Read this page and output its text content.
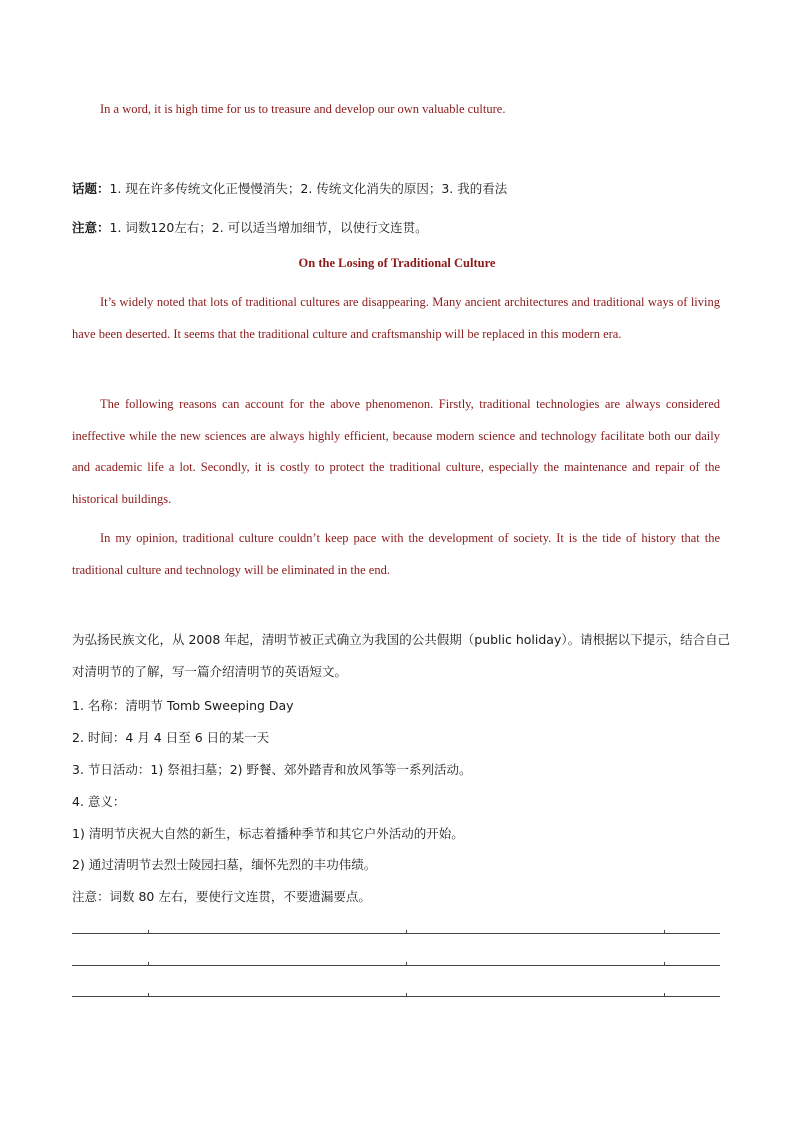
In a word, it is high time for us to treasure and develop our own valuable culture.
话题：1. 现在许多传统文化正慢慢消失；2. 传统文化消失的原因；3. 我的看法
注意：1. 词数120左右；2. 可以适当增加细节，以使行文连贯。
On the Losing of Traditional Culture

It’s widely noted that lots of traditional cultures are disappearing. Many ancient architectures and traditional ways of living have been deserted. It seems that the traditional culture and craftsmanship will be replaced in this modern era.

The following reasons can account for the above phenomenon. Firstly, traditional technologies are always considered ineffective while the new sciences are always highly efficient, because modern science and technology facilitate both our daily and academic life a lot. Secondly, it is costly to protect the traditional culture, especially the maintenance and repair of the historical buildings.

In my opinion, traditional culture couldn’t keep pace with the development of society. It is the tide of history that the traditional culture and technology will be eliminated in the end.

为弘扬民族文化，从 2008 年起，清明节被正式确立为我国的公共假期（public holiday）。请根据以下提示，结合自己对清明节的了解，写一篇介绍清明节的英语短文。

1. 名称：清明节 Tomb Sweeping Day
2. 时间：4 月 4 日至 6 日的某一天
3. 节日活动：1) 祭祖扫墓；2) 野餐、郊外踏青和放风筝等一系列活动。
4. 意义：
1) 清明节庆祝大自然的新生，标志着播种季节和其它户外活动的开始。
2) 通过清明节去烈士陵园扫墓，缅怀先烈的丰功伟绩。
注意：词数 80 左右，要使行文连贯，不要遗漏要点。
